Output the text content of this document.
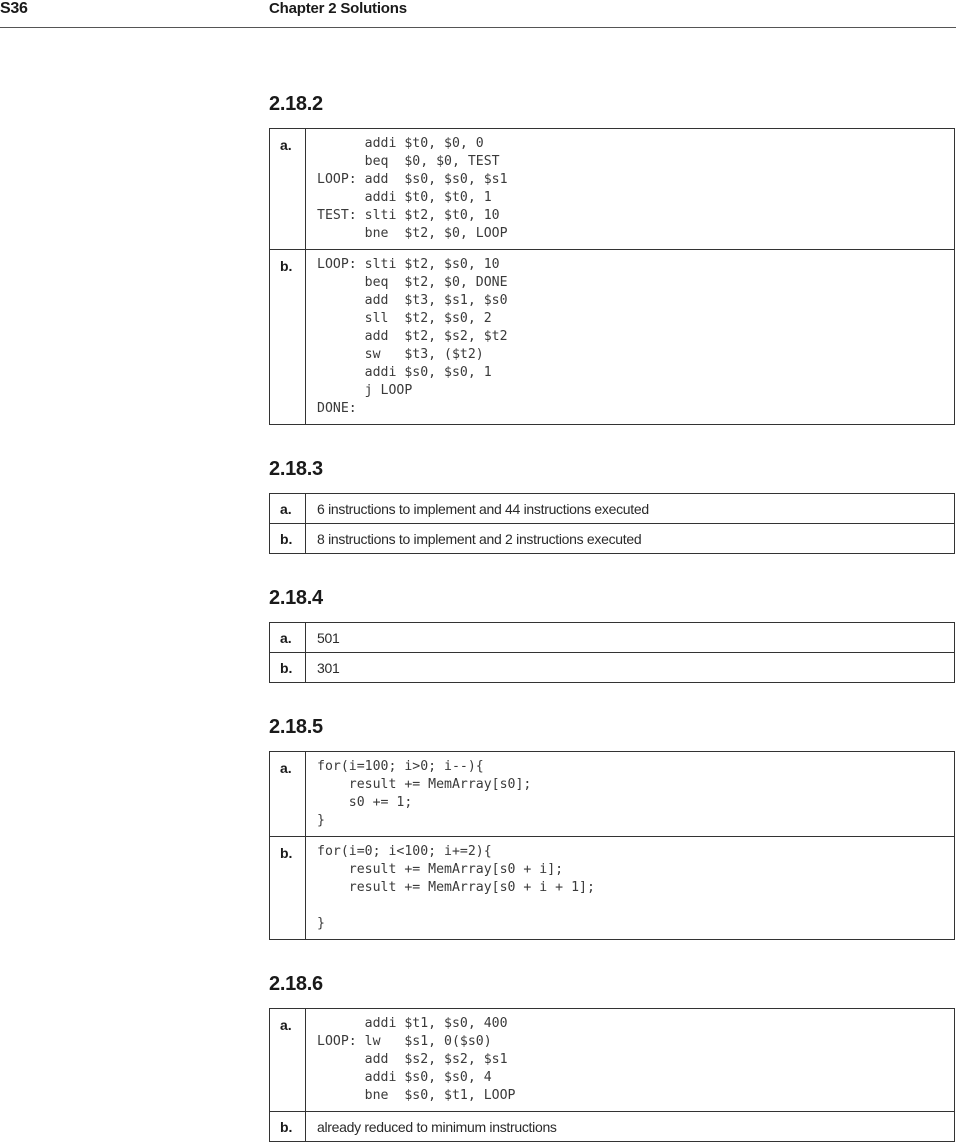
S36	Chapter 2 Solutions
2.18.2
a.	addi $t0, $0, 0
beq  $0, $0, TEST
LOOP: add  $s0, $s0, $s1
addi $t0, $t0, 1
TEST: slti $t2, $t0, 10
bne  $t2, $0, LOOP
b.	LOOP: slti $t2, $s0, 10
beq  $t2, $0, DONE
add  $t3, $s1, $s0
sll  $t2, $s0, 2
add  $t2, $s2, $t2
sw   $t3, ($t2)
addi $s0, $s0, 1
j LOOP
DONE:
2.18.3
a.	6 instructions to implement and 44 instructions executed
b.	8 instructions to implement and 2 instructions executed
2.18.4
a.	501
b.	301
2.18.5
a.	for(i=100; i>0; i--){
result += MemArray[s0];
s0 += 1;
}
b.	for(i=0; i<100; i+=2){
result += MemArray[s0 + i];
result += MemArray[s0 + i + 1];

}
2.18.6
a.	addi $t1, $s0, 400
LOOP: lw   $s1, 0($s0)
add  $s2, $s2, $s1
addi $s0, $s0, 4
bne  $s0, $t1, LOOP
b.	already reduced to minimum instructions
